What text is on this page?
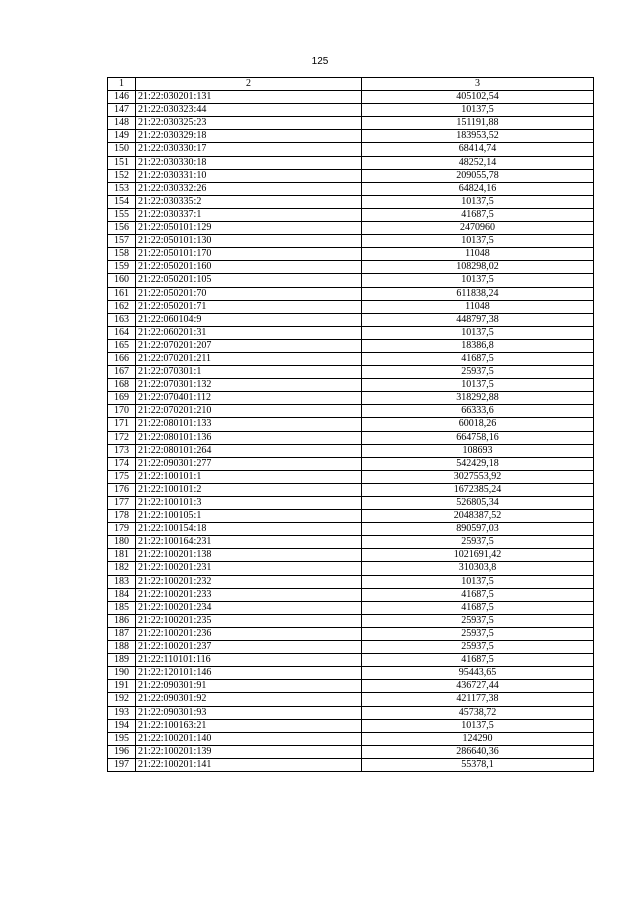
125
1	2	3
146	21:22:030201:131	405102,54
147	21:22:030323:44	10137,5
148	21:22:030325:23	151191,88
149	21:22:030329:18	183953,52
150	21:22:030330:17	68414,74
151	21:22:030330:18	48252,14
152	21:22:030331:10	209055,78
153	21:22:030332:26	64824,16
154	21:22:030335:2	10137,5
155	21:22:030337:1	41687,5
156	21:22:050101:129	2470960
157	21:22:050101:130	10137,5
158	21:22:050101:170	11048
159	21:22:050201:160	108298,02
160	21:22:050201:105	10137,5
161	21:22:050201:70	611838,24
162	21:22:050201:71	11048
163	21:22:060104:9	448797,38
164	21:22:060201:31	10137,5
165	21:22:070201:207	18386,8
166	21:22:070201:211	41687,5
167	21:22:070301:1	25937,5
168	21:22:070301:132	10137,5
169	21:22:070401:112	318292,88
170	21:22:070201:210	66333,6
171	21:22:080101:133	60018,26
172	21:22:080101:136	664758,16
173	21:22:080101:264	108693
174	21:22:090301:277	542429,18
175	21:22:100101:1	3027553,92
176	21:22:100101:2	1672385,24
177	21:22:100101:3	526805,34
178	21:22:100105:1	2048387,52
179	21:22:100154:18	890597,03
180	21:22:100164:231	25937,5
181	21:22:100201:138	1021691,42
182	21:22:100201:231	310303,8
183	21:22:100201:232	10137,5
184	21:22:100201:233	41687,5
185	21:22:100201:234	41687,5
186	21:22:100201:235	25937,5
187	21:22:100201:236	25937,5
188	21:22:100201:237	25937,5
189	21:22:110101:116	41687,5
190	21:22:120101:146	95443,65
191	21:22:090301:91	436727,44
192	21:22:090301:92	421177,38
193	21:22:090301:93	45738,72
194	21:22:100163:21	10137,5
195	21:22:100201:140	124290
196	21:22:100201:139	286640,36
197	21:22:100201:141	55378,1
